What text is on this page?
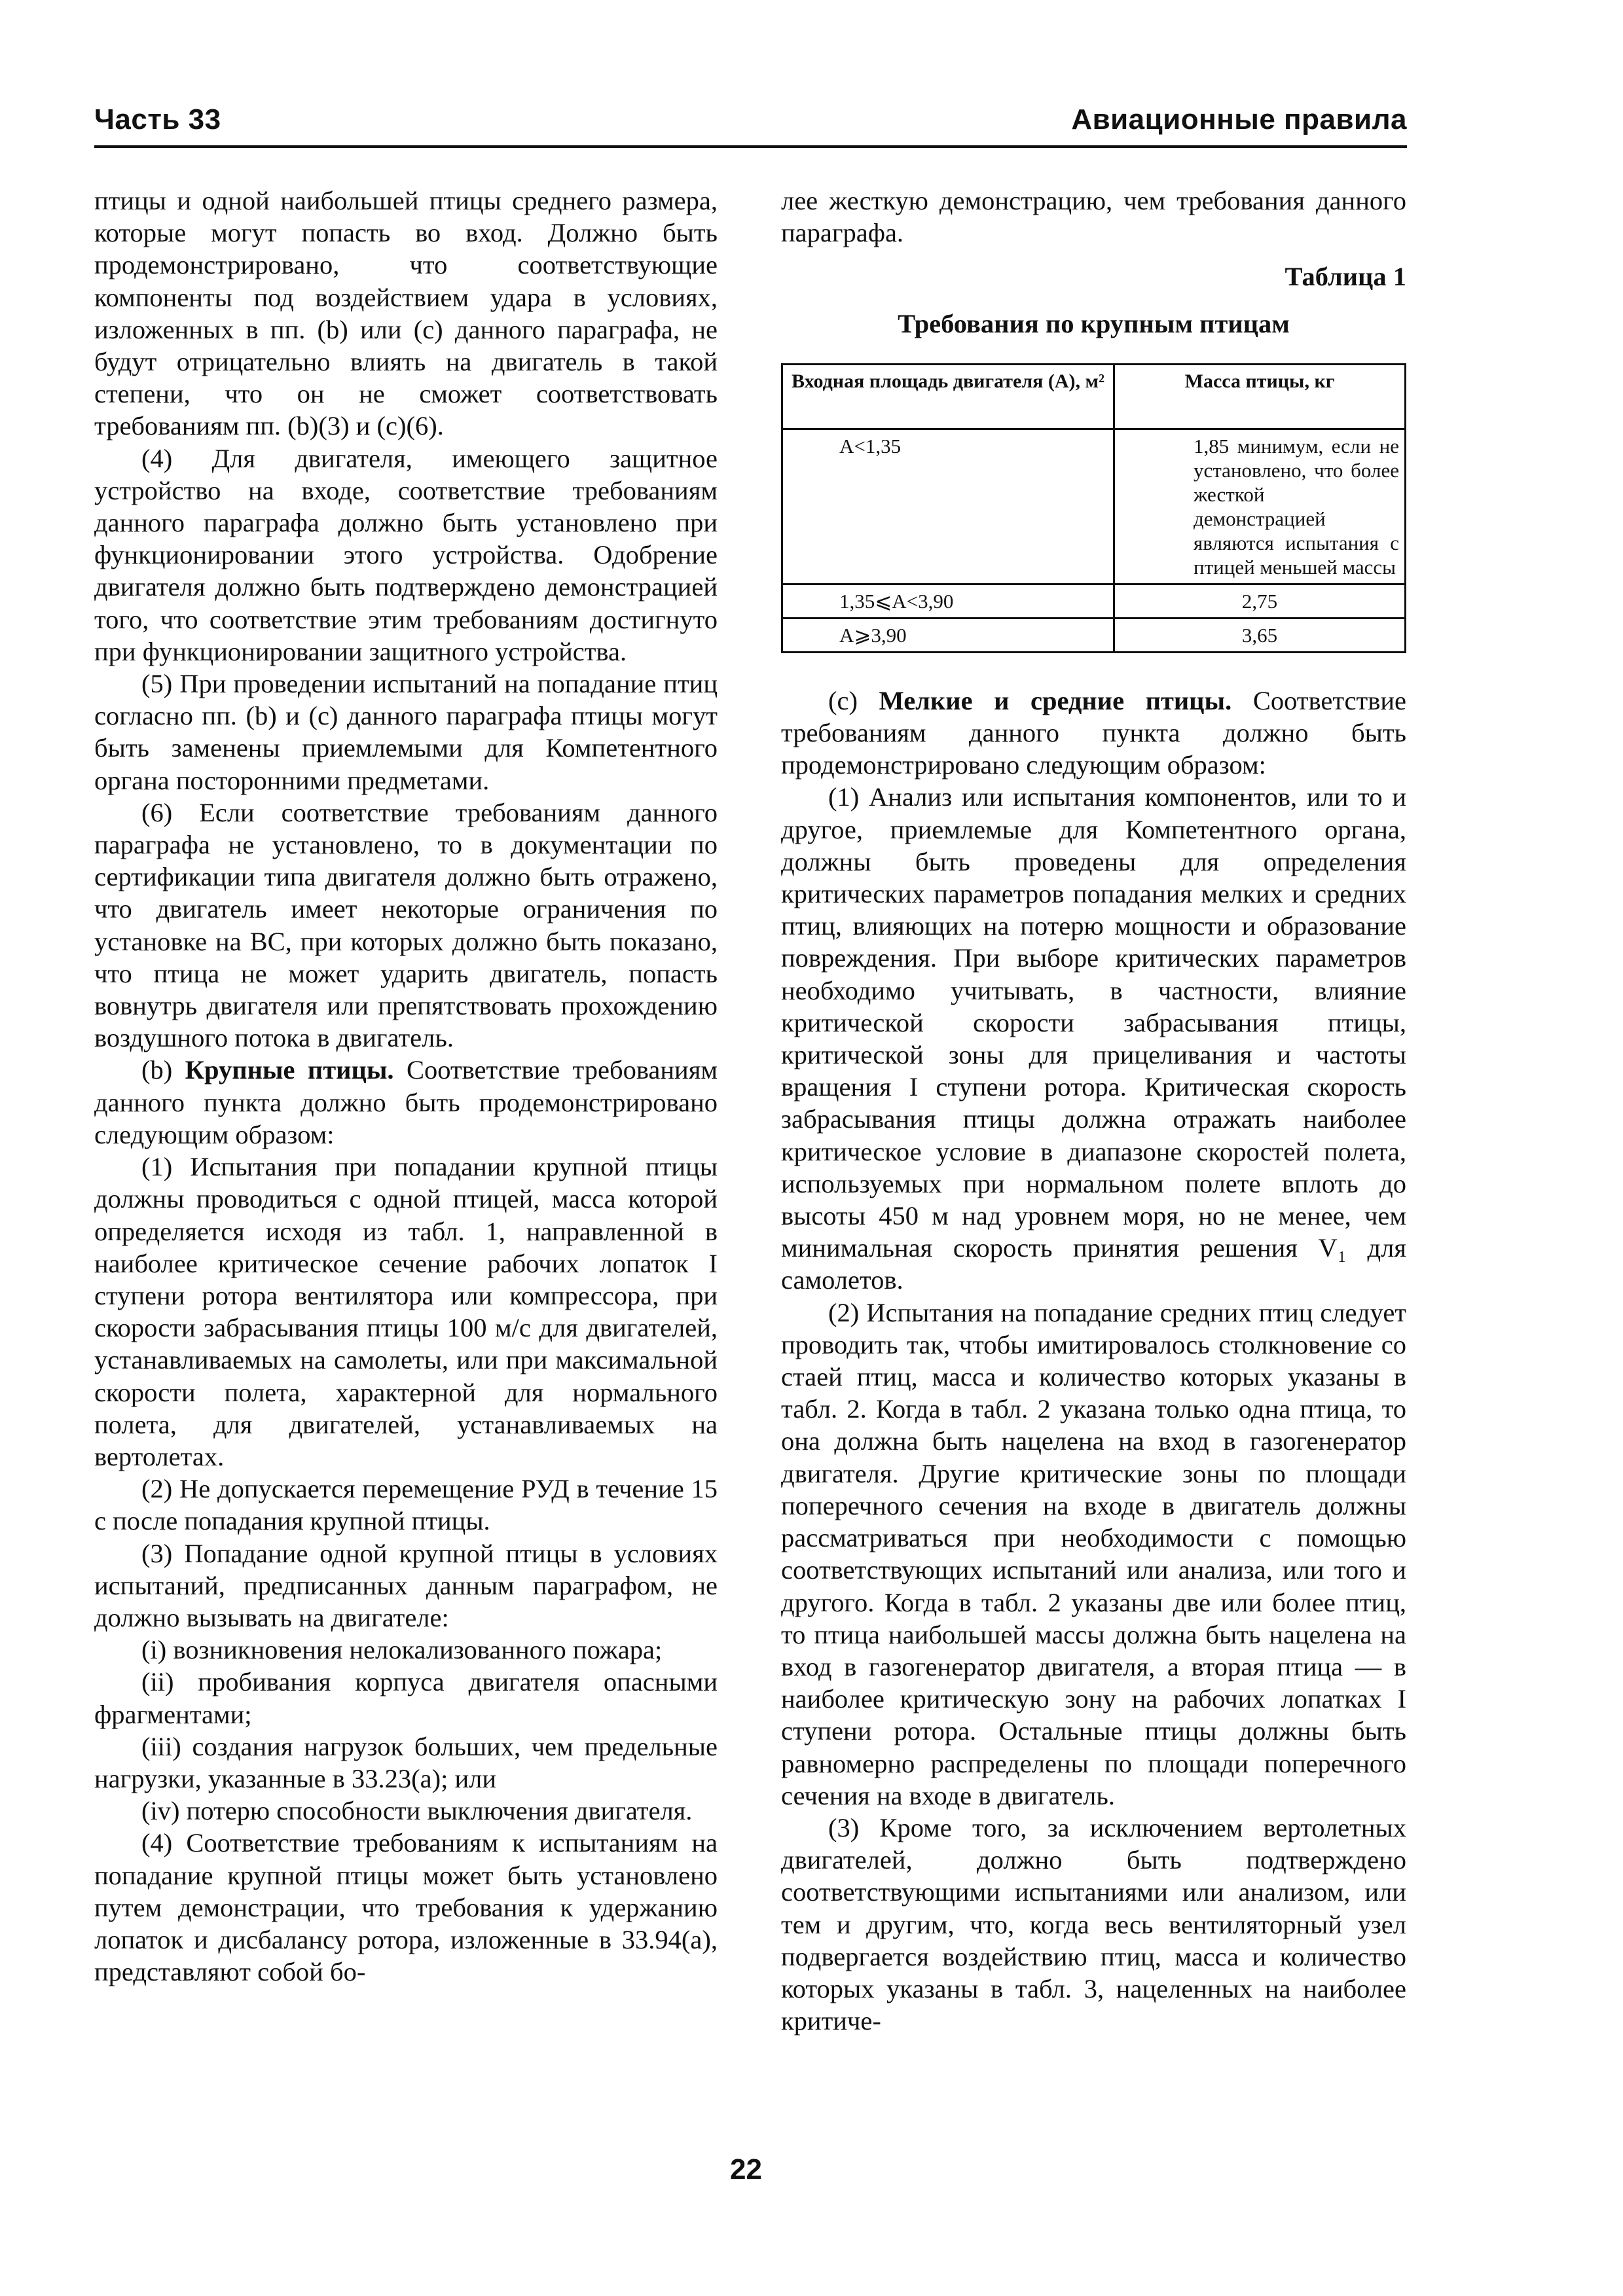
Часть 33	Авиационные правила

птицы и одной наибольшей птицы среднего размера, которые могут попасть во вход. Должно быть продемонстрировано, что соответствующие компоненты под воздействием удара в условиях, изложенных в пп. (b) или (c) данного параграфа, не будут отрицательно влиять на двигатель в такой степени, что он не сможет соответствовать требованиям пп. (b)(3) и (c)(6).

(4) Для двигателя, имеющего защитное устройство на входе, соответствие требованиям данного параграфа должно быть установлено при функционировании этого устройства. Одобрение двигателя должно быть подтверждено демонстрацией того, что соответствие этим требованиям достигнуто при функционировании защитного устройства.

(5) При проведении испытаний на попадание птиц согласно пп. (b) и (c) данного параграфа птицы могут быть заменены приемлемыми для Компетентного органа посторонними предметами.

(6) Если соответствие требованиям данного параграфа не установлено, то в документации по сертификации типа двигателя должно быть отражено, что двигатель имеет некоторые ограничения по установке на ВС, при которых должно быть показано, что птица не может ударить двигатель, попасть вовнутрь двигателя или препятствовать прохождению воздушного потока в двигатель.

(b) Крупные птицы. Соответствие требованиям данного пункта должно быть продемонстрировано следующим образом:

(1) Испытания при попадании крупной птицы должны проводиться с одной птицей, масса которой определяется исходя из табл. 1, направленной в наиболее критическое сечение рабочих лопаток I ступени ротора вентилятора или компрессора, при скорости забрасывания птицы 100 м/с для двигателей, устанавливаемых на самолеты, или при максимальной скорости полета, характерной для нормального полета, для двигателей, устанавливаемых на вертолетах.

(2) Не допускается перемещение РУД в течение 15 с после попадания крупной птицы.

(3) Попадание одной крупной птицы в условиях испытаний, предписанных данным параграфом, не должно вызывать на двигателе:

(i) возникновения нелокализованного пожара;

(ii) пробивания корпуса двигателя опасными фрагментами;

(iii) создания нагрузок больших, чем предельные нагрузки, указанные в 33.23(a); или

(iv) потерю способности выключения двигателя.

(4) Соответствие требованиям к испытаниям на попадание крупной птицы может быть установлено путем демонстрации, что требования к удержанию лопаток и дисбалансу ротора, изложенные в 33.94(a), представляют собой бо-

лее жесткую демонстрацию, чем требования данного параграфа.

Таблица 1
Требования по крупным птицам
Входная площадь двигателя (A), м²	Масса птицы, кг
A<1,35	1,85 минимум, если не установлено, что более жесткой демонстрацией являются испытания с птицей меньшей массы
1,35⩽A<3,90	2,75
A⩾3,90	3,65

(c) Мелкие и средние птицы. Соответствие требованиям данного пункта должно быть продемонстрировано следующим образом:

(1) Анализ или испытания компонентов, или то и другое, приемлемые для Компетентного органа, должны быть проведены для определения критических параметров попадания мелких и средних птиц, влияющих на потерю мощности и образование повреждения. При выборе критических параметров необходимо учитывать, в частности, влияние критической скорости забрасывания птицы, критической зоны для прицеливания и частоты вращения I ступени ротора. Критическая скорость забрасывания птицы должна отражать наиболее критическое условие в диапазоне скоростей полета, используемых при нормальном полете вплоть до высоты 450 м над уровнем моря, но не менее, чем минимальная скорость принятия решения V₁ для самолетов.

(2) Испытания на попадание средних птиц следует проводить так, чтобы имитировалось столкновение со стаей птиц, масса и количество которых указаны в табл. 2. Когда в табл. 2 указана только одна птица, то она должна быть нацелена на вход в газогенератор двигателя. Другие критические зоны по площади поперечного сечения на входе в двигатель должны рассматриваться при необходимости с помощью соответствующих испытаний или анализа, или того и другого. Когда в табл. 2 указаны две или более птиц, то птица наибольшей массы должна быть нацелена на вход в газогенератор двигателя, а вторая птица — в наиболее критическую зону на рабочих лопатках I ступени ротора. Остальные птицы должны быть равномерно распределены по площади поперечного сечения на входе в двигатель.

(3) Кроме того, за исключением вертолетных двигателей, должно быть подтверждено соответствующими испытаниями или анализом, или тем и другим, что, когда весь вентиляторный узел подвергается воздействию птиц, масса и количество которых указаны в табл. 3, нацеленных на наиболее критиче-

22
